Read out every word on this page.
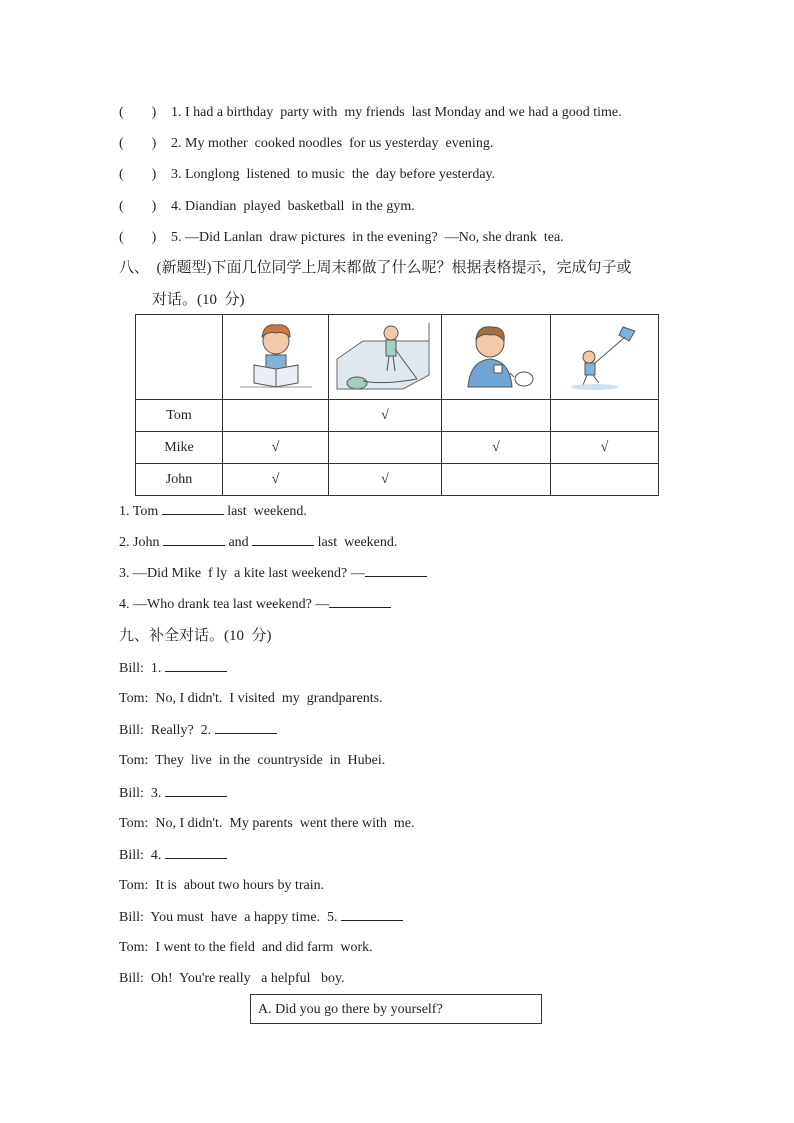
(        ) 1. I had a birthday  party with  my friends  last Monday and we had a good time.
(        ) 2. My mother  cooked noodles  for us yesterday  evening.
(        ) 3. Longlong  listened  to music  the  day before yesterday.
(        ) 4. Diandian  played  basketball  in the gym.
(        ) 5. —Did Lanlan  draw pictures  in the evening?  —No, she drank  tea.
八、  (新题型)下面几位同学上周末都做了什么呢？根据表格提示，完成句子或
对话。(10  分)

Tom		√		
Mike	√		√	√
John	√	√		
1. Tom	last  weekend.
2. John	and	last  weekend.
3. —Did Mike  f ly  a kite last weekend? —
4. —Who drank tea last weekend? —
九、补全对话。(10  分)
Bill:  1.
Tom:  No, I didn't.  I visited  my  grandparents.
Bill:  Really?  2.
Tom:  They  live  in the  countryside  in  Hubei.
Bill:  3.
Tom:  No, I didn't.  My parents  went there with  me.
Bill:  4.
Tom:  It is  about two hours by train.
Bill:  You must  have  a happy time.  5.
Tom:  I went to the field  and did farm  work.
Bill:  Oh!  You're really   a helpful   boy.
A. Did you go there by yourself?
